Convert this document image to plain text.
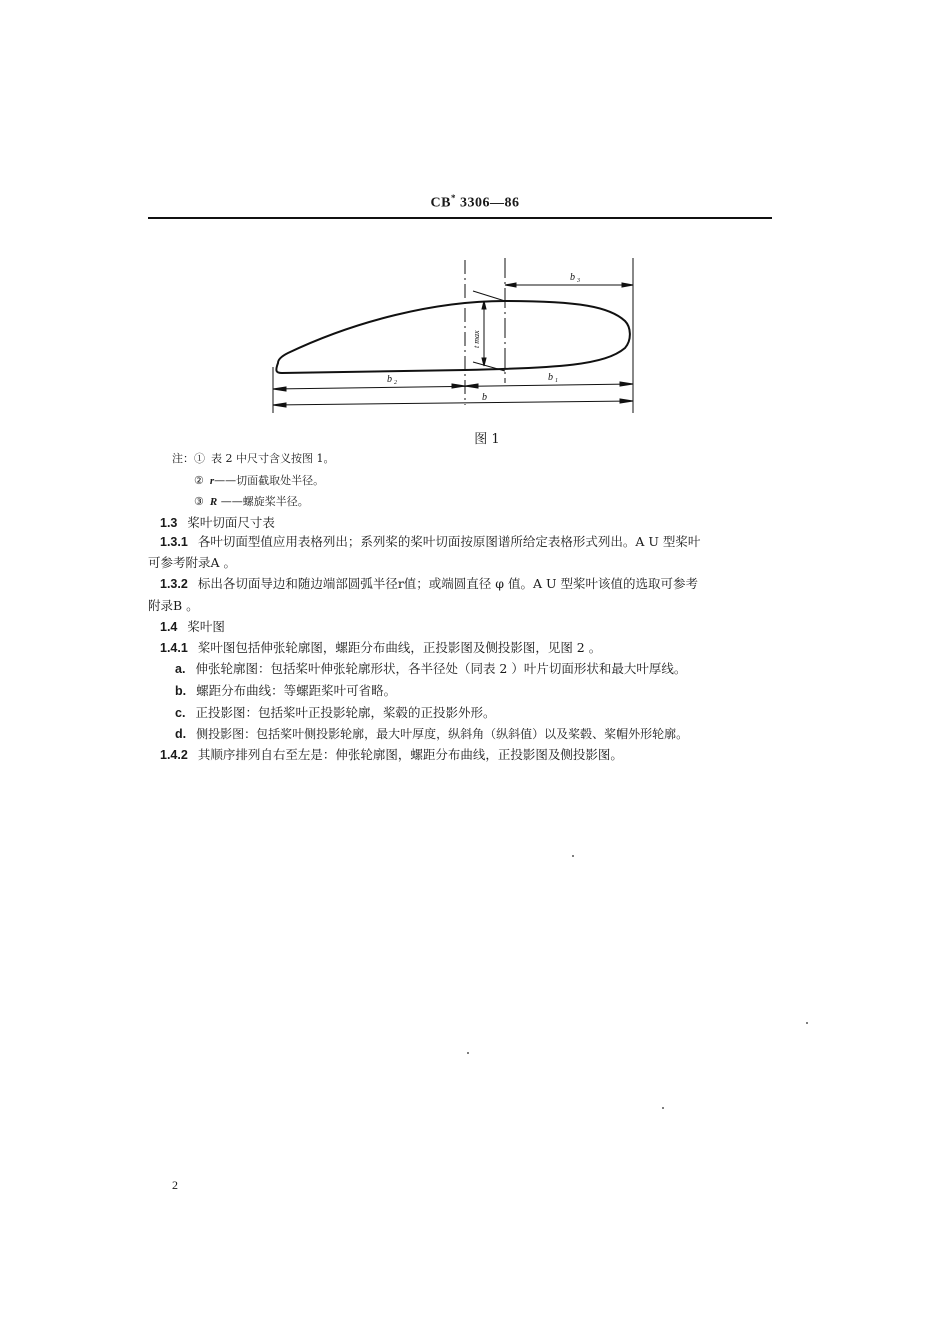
CB* 3306—86
b 3
b 2	b 1
b
t max
图 1
注：① 表 2 中尺寸含义按图 1。
② r——切面截取处半径。
③ R ——螺旋桨半径。
1.3 桨叶切面尺寸表
1.3.1 各叶切面型值应用表格列出；系列桨的桨叶切面按原图谱所给定表格形式列出。A U 型桨叶
可参考附录A 。
1.3.2 标出各切面导边和随边端部圆弧半径r值；或端圆直径 φ 值。A U 型桨叶该值的选取可参考
附录B 。
1.4 桨叶图
1.4.1 桨叶图包括伸张轮廓图，螺距分布曲线，正投影图及侧投影图，见图 2 。
a. 伸张轮廓图：包括桨叶伸张轮廓形状，各半径处（同表 2 ）叶片切面形状和最大叶厚线。
b. 螺距分布曲线：等螺距桨叶可省略。
c. 正投影图：包括桨叶正投影轮廓，桨毂的正投影外形。
d. 侧投影图：包括桨叶侧投影轮廓，最大叶厚度，纵斜角（纵斜值）以及桨毂、桨帽外形轮廓。
1.4.2 其顺序排列自右至左是：伸张轮廓图，螺距分布曲线，正投影图及侧投影图。
2
